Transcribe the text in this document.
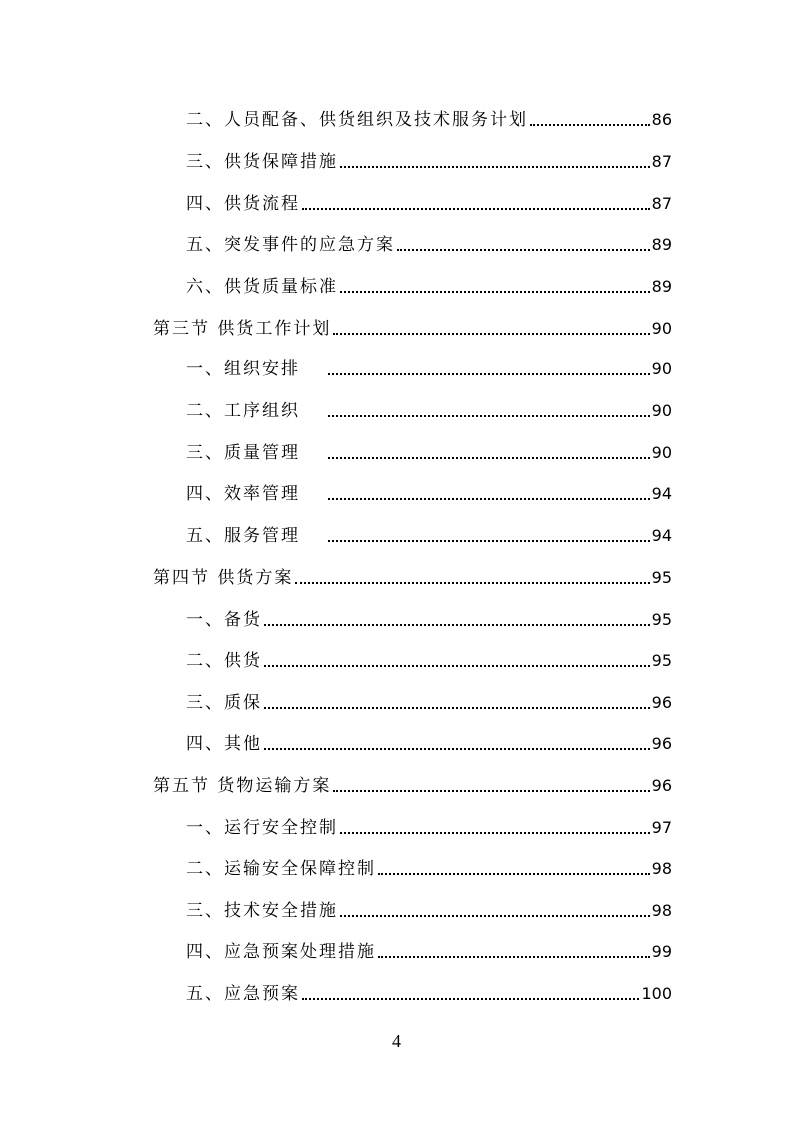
二、人员配备、供货组织及技术服务计划	86
三、供货保障措施	87
四、供货流程	87
五、突发事件的应急方案	89
六、供货质量标准	89
第三节 供货工作计划	90
一、组织安排	90
二、工序组织	90
三、质量管理	90
四、效率管理	94
五、服务管理	94
第四节 供货方案	95
一、备货	95
二、供货	95
三、质保	96
四、其他	96
第五节 货物运输方案	96
一、运行安全控制	97
二、运输安全保障控制	98
三、技术安全措施	98
四、应急预案处理措施	99
五、应急预案	100
4
